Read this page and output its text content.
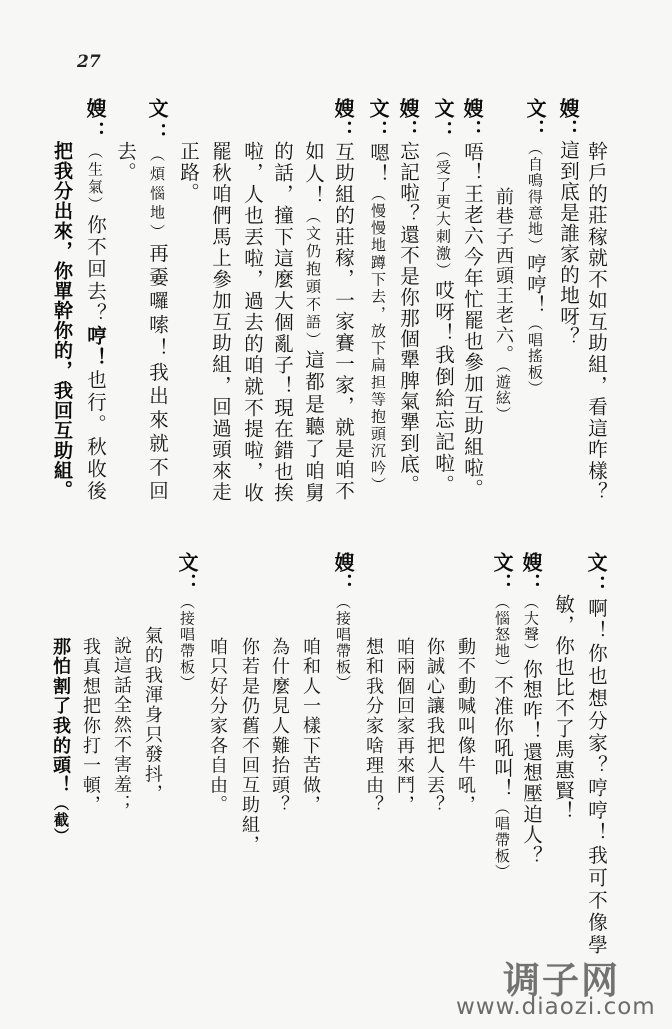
27
幹戶的莊稼就不如互助組，看這咋樣？
嫂：這到底是誰家的地呀？
文：（自鳴得意地）哼哼！（唱搖板）
前巷子西頭王老六。（遊絃）
嫂：唔！王老六今年忙罷也參加互助組啦。
文：（受了更大刺激）哎呀！我倒給忘記啦。
嫂：忘記啦？還不是你那個犟脾氣犟到底。
文：嗯！（慢慢地蹲下去，放下扁担等抱頭沉吟）
嫂：互助組的莊稼，一家賽一家，就是咱不
如人！（文仍抱頭不語）這都是聽了咱舅
的話，撞下這麼大個亂子！現在錯也挨
啦，人也丟啦，過去的咱就不提啦，收
罷秋咱們馬上參加互助組，回過頭來走
正路。
文：（煩惱地）再嫑囉嗦！我出來就不回
去。
嫂：（生氣）你不回去？哼！也行。秋收後
把我分出來，你單幹你的，我回互助組。
文：啊！你也想分家？哼哼！我可不像學
敏，你也比不了馬惠賢！
嫂：（大聲）你想咋！還想壓迫人？
文：（惱怒地）不准你吼叫！（唱帶板）
動不動喊叫像牛吼，
你誠心讓我把人丟？
咱兩個回家再來鬥，
想和我分家啥理由？
嫂：（接唱帶板）
咱和人一樣下苦做，
為什麼見人難抬頭？
你若是仍舊不回互助組，
咱只好分家各自由。
文：（接唱帶板）
氣的我渾身只發抖，
說這話全然不害羞；
我真想把你打一頓，
那怕割了我的頭！（截）
调子网
www.diaozi.com
